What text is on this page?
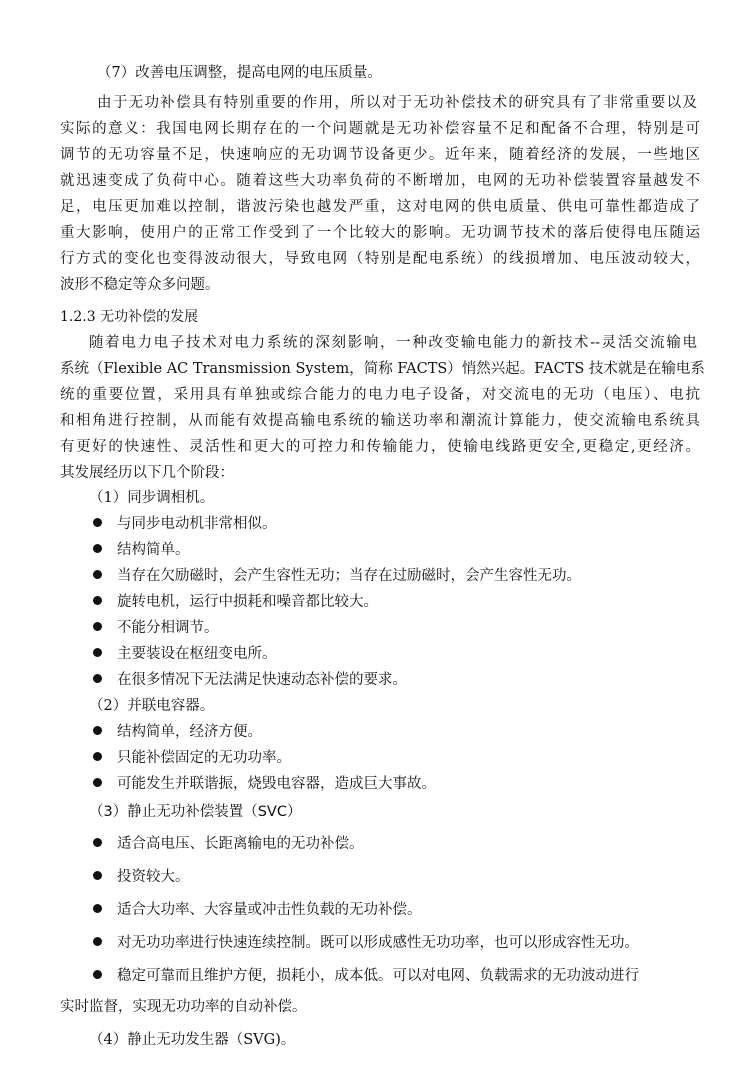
（7）改善电压调整，提高电网的电压质量。
由于无功补偿具有特别重要的作用，所以对于无功补偿技术的研究具有了非常重要以及
实际的意义：我国电网长期存在的一个问题就是无功补偿容量不足和配备不合理，特别是可
调节的无功容量不足，快速响应的无功调节设备更少。近年来，随着经济的发展，一些地区
就迅速变成了负荷中心。随着这些大功率负荷的不断增加，电网的无功补偿装置容量越发不
足，电压更加难以控制，谐波污染也越发严重，这对电网的供电质量、供电可靠性都造成了
重大影响，使用户的正常工作受到了一个比较大的影响。无功调节技术的落后使得电压随运
行方式的变化也变得波动很大，导致电网（特别是配电系统）的线损增加、电压波动较大，
波形不稳定等众多问题。
1.2.3 无功补偿的发展
随着电力电子技术对电力系统的深刻影响，一种改变输电能力的新技术--灵活交流输电
系统（Flexible AC Transmission System，简称 FACTS）悄然兴起。FACTS 技术就是在输电系
统的重要位置，采用具有单独或综合能力的电力电子设备，对交流电的无功（电压）、电抗
和相角进行控制，从而能有效提高输电系统的输送功率和潮流计算能力，使交流输电系统具
有更好的快速性、灵活性和更大的可控力和传输能力，使输电线路更安全,更稳定,更经济。
其发展经历以下几个阶段：
（1）同步调相机。
与同步电动机非常相似。
结构简单。
当存在欠励磁时，会产生容性无功；当存在过励磁时，会产生容性无功。
旋转电机，运行中损耗和噪音都比较大。
不能分相调节。
主要装设在枢纽变电所。
在很多情况下无法满足快速动态补偿的要求。
（2）并联电容器。
结构简单，经济方便。
只能补偿固定的无功功率。
可能发生并联谐振，烧毁电容器，造成巨大事故。
（3）静止无功补偿装置（SVC）
适合高电压、长距离输电的无功补偿。
投资较大。
适合大功率、大容量或冲击性负载的无功补偿。
对无功功率进行快速连续控制。既可以形成感性无功功率，也可以形成容性无功。
稳定可靠而且维护方便，损耗小，成本低。可以对电网、负载需求的无功波动进行
实时监督，实现无功功率的自动补偿。
（4）静止无功发生器（SVG)。
